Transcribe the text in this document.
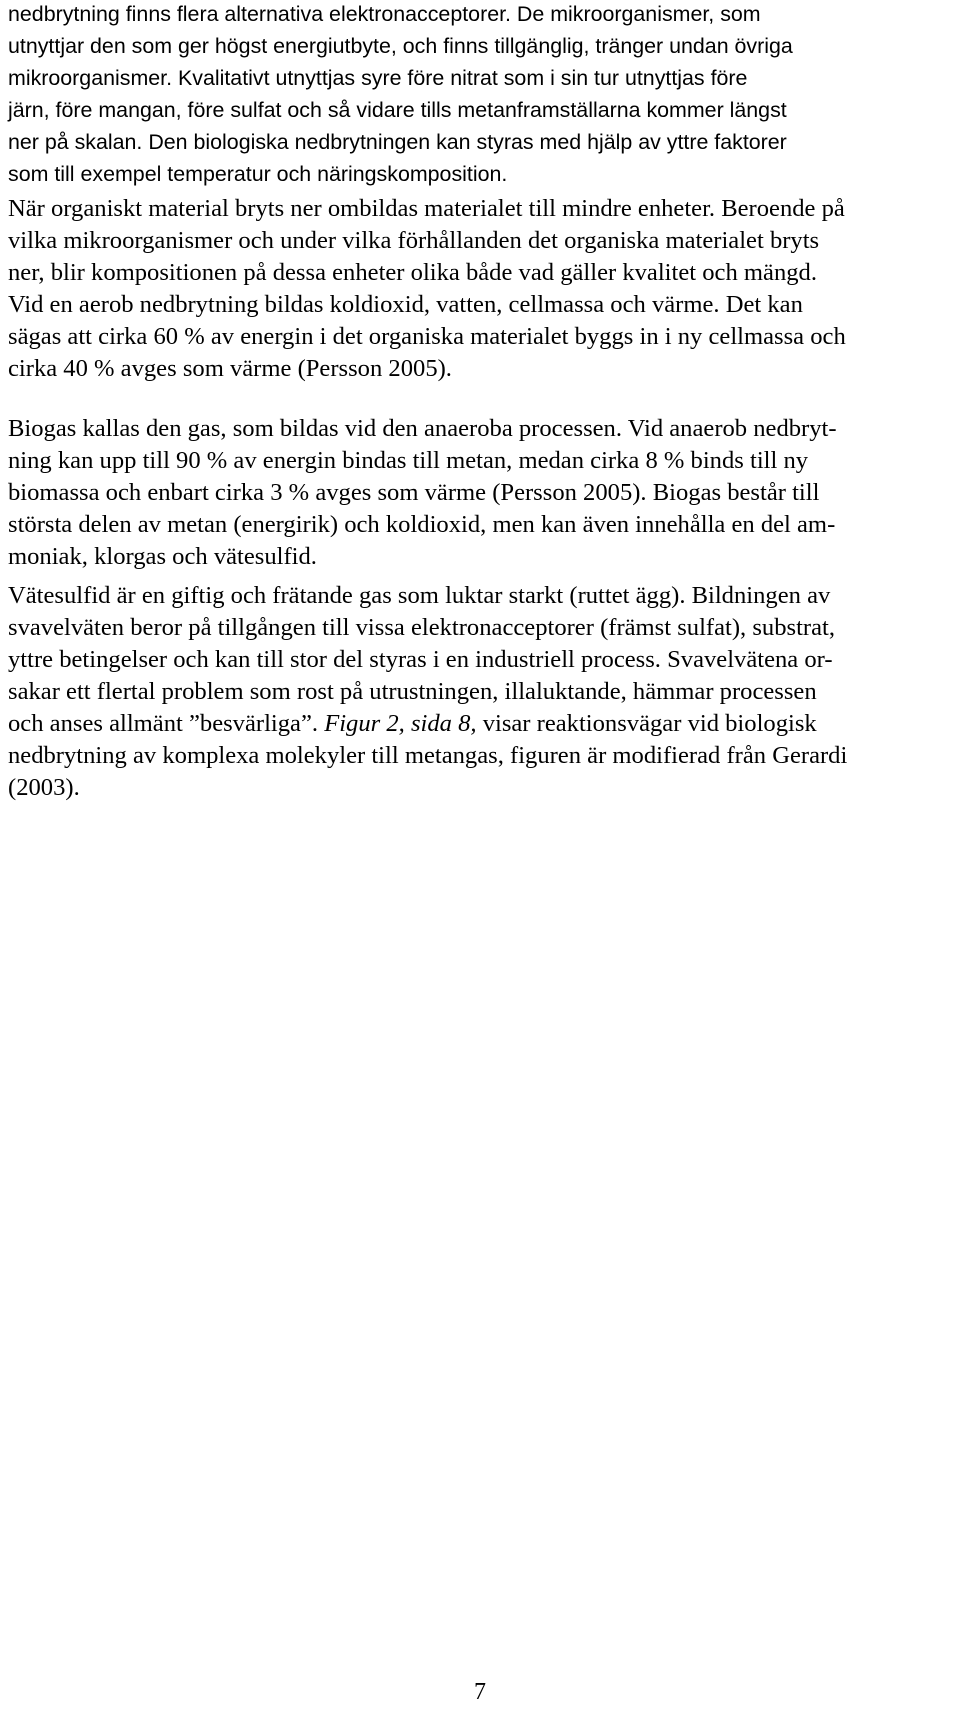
nedbrytning finns flera alternativa elektronacceptorer. De mikroorganismer, som
utnyttjar den som ger högst energiutbyte, och finns tillgänglig, tränger undan övriga
mikroorganismer. Kvalitativt utnyttjas syre före nitrat som i sin tur utnyttjas före
järn, före mangan, före sulfat och så vidare tills metanframställarna kommer längst
ner på skalan. Den biologiska nedbrytningen kan styras med hjälp av yttre faktorer
som till exempel temperatur och näringskomposition.
När organiskt material bryts ner ombildas materialet till mindre enheter. Beroende på
vilka mikroorganismer och under vilka förhållanden det organiska materialet bryts
ner, blir kompositionen på dessa enheter olika både vad gäller kvalitet och mängd.
Vid en aerob nedbrytning bildas koldioxid, vatten, cellmassa och värme. Det kan
sägas att cirka 60 % av energin i det organiska materialet byggs in i ny cellmassa och
cirka 40 % avges som värme (Persson 2005).
Biogas kallas den gas, som bildas vid den anaeroba processen. Vid anaerob nedbryt-
ning kan upp till 90 % av energin bindas till metan, medan cirka 8 % binds till ny
biomassa och enbart cirka 3 % avges som värme (Persson 2005). Biogas består till
största delen av metan (energirik) och koldioxid, men kan även innehålla en del am-
moniak, klorgas och vätesulfid.
Vätesulfid är en giftig och frätande gas som luktar starkt (ruttet ägg). Bildningen av
svavelväten beror på tillgången till vissa elektronacceptorer (främst sulfat), substrat,
yttre betingelser och kan till stor del styras i en industriell process. Svavelvätena or-
sakar ett flertal problem som rost på utrustningen, illaluktande, hämmar processen
och anses allmänt ”besvärliga”. Figur 2, sida 8, visar reaktionsvägar vid biologisk
nedbrytning av komplexa molekyler till metangas, figuren är modifierad från Gerardi
(2003).
7
